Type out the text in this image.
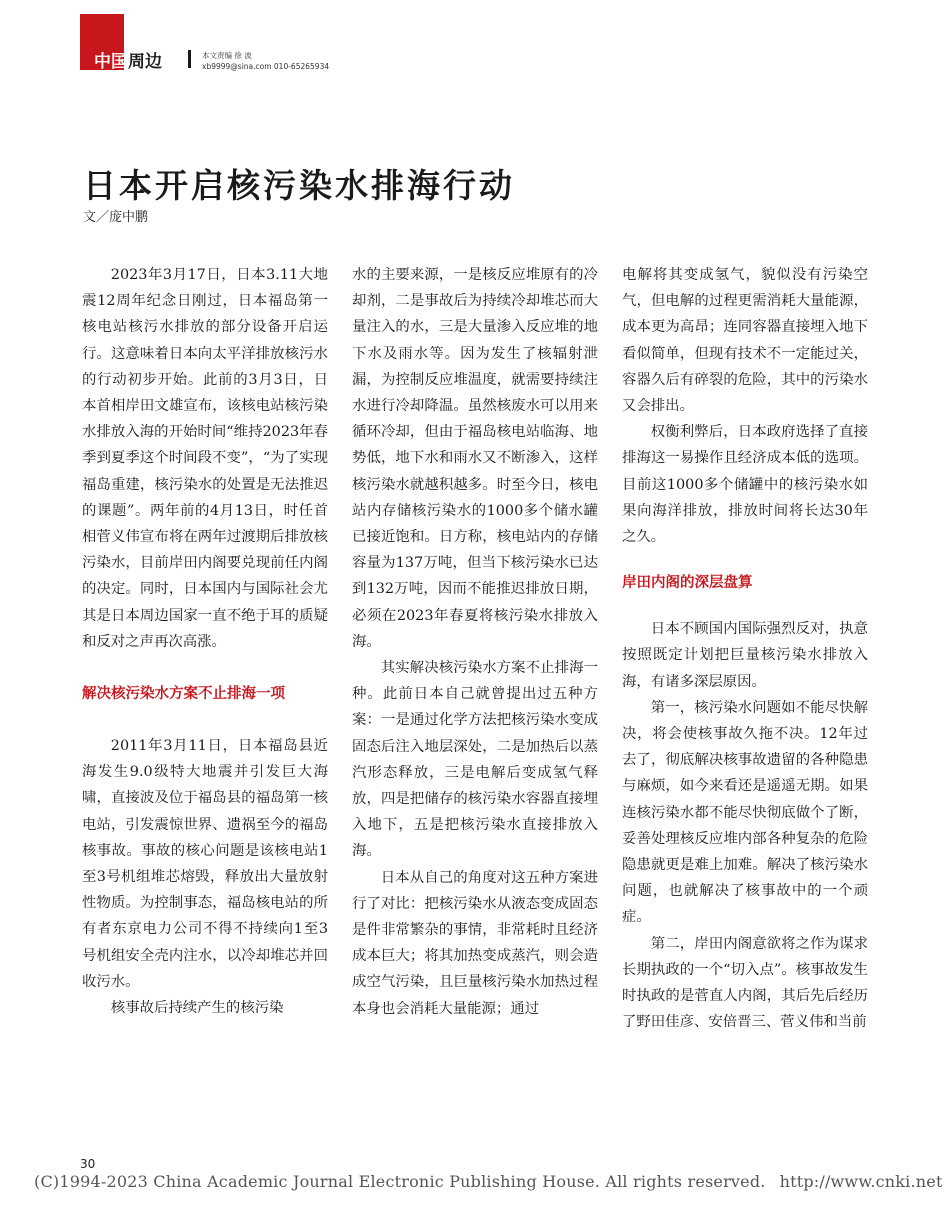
中国周边	本文责编 徐 波
xb9999@sina.com 010-65265934
日本开启核污染水排海行动
文／庞中鹏

2023年3月17日，日本3.11大地震12周年纪念日刚过，日本福岛第一核电站核污水排放的部分设备开启运行。这意味着日本向太平洋排放核污水的行动初步开始。此前的3月3日，日本首相岸田文雄宣布，该核电站核污染水排放入海的开始时间“维持2023年春季到夏季这个时间段不变”，“为了实现福岛重建，核污染水的处置是无法推迟的课题”。两年前的4月13日，时任首相菅义伟宣布将在两年过渡期后排放核污染水，目前岸田内阁要兑现前任内阁的决定。同时，日本国内与国际社会尤其是日本周边国家一直不绝于耳的质疑和反对之声再次高涨。

解决核污染水方案不止排海一项

2011年3月11日，日本福岛县近海发生9.0级特大地震并引发巨大海啸，直接波及位于福岛县的福岛第一核电站，引发震惊世界、遗祸至今的福岛核事故。事故的核心问题是该核电站1至3号机组堆芯熔毁，释放出大量放射性物质。为控制事态，福岛核电站的所有者东京电力公司不得不持续向1至3号机组安全壳内注水，以冷却堆芯并回收污水。

核事故后持续产生的核污染

水的主要来源，一是核反应堆原有的冷却剂，二是事故后为持续冷却堆芯而大量注入的水，三是大量渗入反应堆的地下水及雨水等。因为发生了核辐射泄漏，为控制反应堆温度，就需要持续注水进行冷却降温。虽然核废水可以用来循环冷却，但由于福岛核电站临海、地势低，地下水和雨水又不断渗入，这样核污染水就越积越多。时至今日，核电站内存储核污染水的1000多个储水罐已接近饱和。日方称，核电站内的存储容量为137万吨，但当下核污染水已达到132万吨，因而不能推迟排放日期，必须在2023年春夏将核污染水排放入海。

其实解决核污染水方案不止排海一种。此前日本自己就曾提出过五种方案：一是通过化学方法把核污染水变成固态后注入地层深处，二是加热后以蒸汽形态释放，三是电解后变成氢气释放，四是把储存的核污染水容器直接埋入地下，五是把核污染水直接排放入海。

日本从自己的角度对这五种方案进行了对比：把核污染水从液态变成固态是件非常繁杂的事情，非常耗时且经济成本巨大；将其加热变成蒸汽，则会造成空气污染，且巨量核污染水加热过程本身也会消耗大量能源；通过

电解将其变成氢气，貌似没有污染空气，但电解的过程更需消耗大量能源，成本更为高昂；连同容器直接埋入地下看似简单，但现有技术不一定能过关，容器久后有碎裂的危险，其中的污染水又会排出。

权衡利弊后，日本政府选择了直接排海这一易操作且经济成本低的选项。目前这1000多个储罐中的核污染水如果向海洋排放，排放时间将长达30年之久。

岸田内阁的深层盘算

日本不顾国内国际强烈反对，执意按照既定计划把巨量核污染水排放入海，有诸多深层原因。

第一，核污染水问题如不能尽快解决，将会使核事故久拖不决。12年过去了，彻底解决核事故遗留的各种隐患与麻烦，如今来看还是遥遥无期。如果连核污染水都不能尽快彻底做个了断，妥善处理核反应堆内部各种复杂的危险隐患就更是难上加难。解决了核污染水问题，也就解决了核事故中的一个顽症。

第二，岸田内阁意欲将之作为谋求长期执政的一个“切入点”。核事故发生时执政的是菅直人内阁，其后先后经历了野田佳彦、安倍晋三、菅义伟和当前

30
(C)1994-2023 China Academic Journal Electronic Publishing House. All rights reserved. http://www.cnki.net
